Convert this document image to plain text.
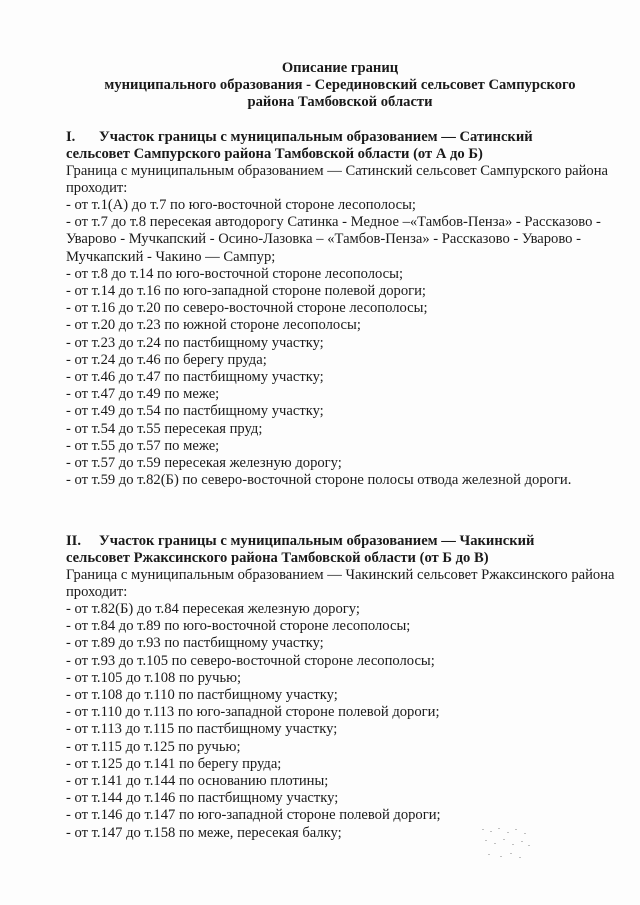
Описание границ

муниципального образования - Серединовский сельсовет Сампурского

района Тамбовской области

I. Участок границы с муниципальным образованием — Сатинский
сельсовет Сампурского района Тамбовской области (от А до Б)

Граница с муниципальным образованием — Сатинский сельсовет Сампурского района проходит:

- от т.1(А) до т.7 по юго-восточной стороне лесополосы;
- от т.7 до т.8 пересекая автодорогу Сатинка - Медное –«Тамбов-Пенза» - Рассказово - Уварово - Мучкапский - Осино-Лазовка – «Тамбов-Пенза» - Рассказово - Уварово - Мучкапский - Чакино — Сампур;
- от т.8 до т.14 по юго-восточной стороне лесополосы;
- от т.14 до т.16 по юго-западной стороне полевой дороги;
- от т.16 до т.20 по северо-восточной стороне лесополосы;
- от т.20 до т.23 по южной стороне лесополосы;
- от т.23 до т.24 по пастбищному участку;
- от т.24 до т.46 по берегу пруда;
- от т.46 до т.47 по пастбищному участку;
- от т.47 до т.49 по меже;
- от т.49 до т.54 по пастбищному участку;
- от т.54 до т.55 пересекая пруд;
- от т.55 до т.57 по меже;
- от т.57 до т.59 пересекая железную дорогу;
- от т.59 до т.82(Б) по северо-восточной стороне полосы отвода железной дороги.
II. Участок границы с муниципальным образованием — Чакинский
сельсовет Ржаксинского района Тамбовской области (от Б до В)

Граница с муниципальным образованием — Чакинский сельсовет Ржаксинского района проходит:

- от т.82(Б) до т.84 пересекая железную дорогу;
- от т.84 до т.89 по юго-восточной стороне лесополосы;
- от т.89 до т.93 по пастбищному участку;
- от т.93 до т.105 по северо-восточной стороне лесополосы;
- от т.105 до т.108 по ручью;
- от т.108 до т.110 по пастбищному участку;
- от т.110 до т.113 по юго-западной стороне полевой дороги;
- от т.113 до т.115 по пастбищному участку;
- от т.115 до т.125 по ручью;
- от т.125 до т.141 по берегу пруда;
- от т.141 до т.144 по основанию плотины;
- от т.144 до т.146 по пастбищному участку;
- от т.146 до т.147 по юго-западной стороне полевой дороги;
- от т.147 до т.158 по меже, пересекая балку;
